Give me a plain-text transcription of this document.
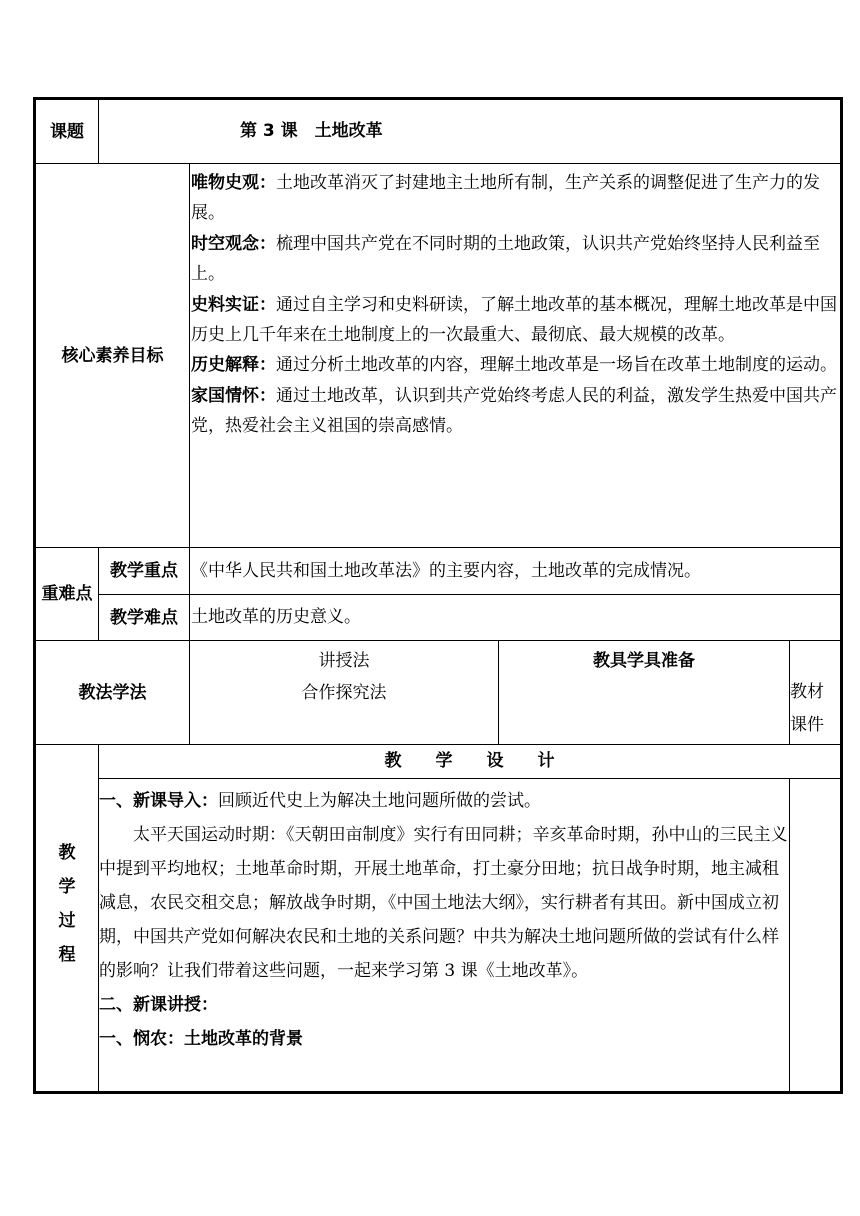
课题	第 3 课　土地改革
核心素养目标

唯物史观：土地改革消灭了封建地主土地所有制，生产关系的调整促进了生产力的发展。

时空观念：梳理中国共产党在不同时期的土地政策，认识共产党始终坚持人民利益至上。

史料实证：通过自主学习和史料研读，了解土地改革的基本概况，理解土地改革是中国历史上几千年来在土地制度上的一次最重大、最彻底、最大规模的改革。

历史解释：通过分析土地改革的内容，理解土地改革是一场旨在改革土地制度的运动。

家国情怀：通过土地改革，认识到共产党始终考虑人民的利益，激发学生热爱中国共产党，热爱社会主义祖国的崇高感情。

重难点
教学重点 《中华人民共和国土地改革法》的主要内容，土地改革的完成情况。
教学难点 土地改革的历史意义。
教法学法

讲授法

合作探究法

教具学具准备

教材

课件

教
学
过
程
教　　学　　设　　计

一、新课导入：回顾近代史上为解决土地问题所做的尝试。

太平天国运动时期：《天朝田亩制度》实行有田同耕；辛亥革命时期，孙中山的三民主义中提到平均地权；土地革命时期，开展土地革命，打土豪分田地；抗日战争时期，地主减租减息，农民交租交息；解放战争时期，《中国土地法大纲》，实行耕者有其田。新中国成立初期，中国共产党如何解决农民和土地的关系问题？中共为解决土地问题所做的尝试有什么样的影响？让我们带着这些问题，一起来学习第 3 课《土地改革》。

二、新课讲授：

一、悯农：土地改革的背景
